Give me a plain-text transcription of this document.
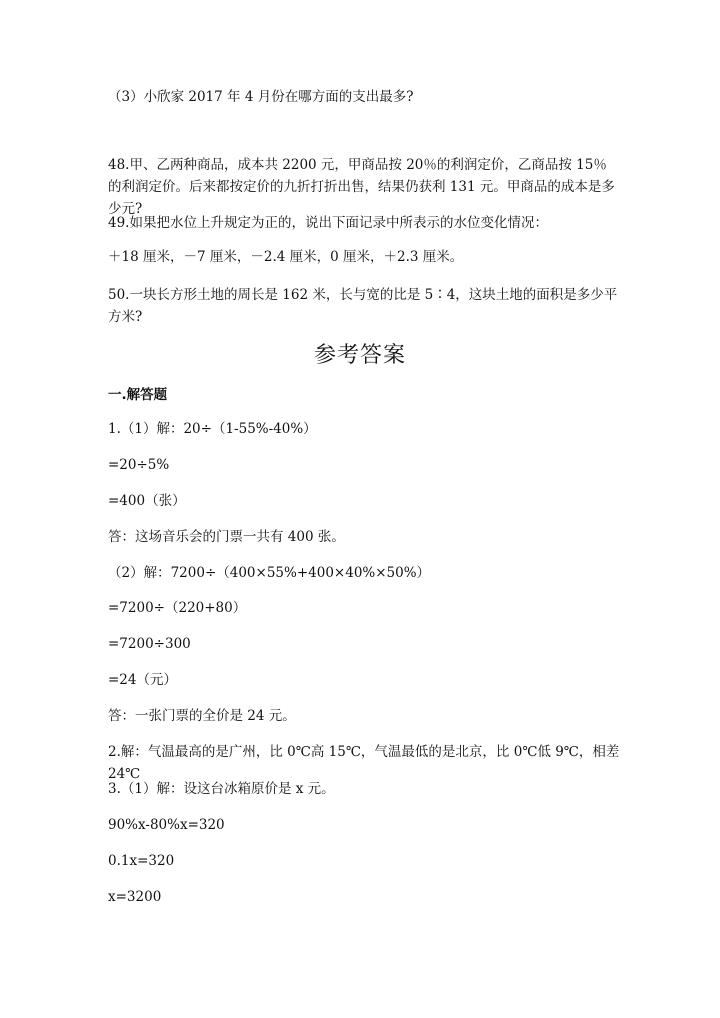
（3）小欣家 2017 年 4 月份在哪方面的支出最多?

48.甲、乙两种商品，成本共 2200 元，甲商品按 20％的利润定价，乙商品按 15％的利润定价。后来都按定价的九折打折出售，结果仍获利 131 元。甲商品的成本是多少元?

49.如果把水位上升规定为正的，说出下面记录中所表示的水位变化情况：

＋18 厘米，－7 厘米，－2.4 厘米，0 厘米，＋2.3 厘米。

50.一块长方形土地的周长是 162 米，长与宽的比是 5∶4，这块土地的面积是多少平方米?

参考答案

一.解答题

1.（1）解：20÷（1-55%-40%）

=20÷5%

=400（张）

答：这场音乐会的门票一共有 400 张。

（2）解：7200÷（400×55%+400×40%×50%）

=7200÷（220+80）

=7200÷300

=24（元）

答：一张门票的全价是 24 元。

2.解：气温最高的是广州，比 0℃高 15℃，气温最低的是北京，比 0℃低 9℃，相差 24℃

3.（1）解：设这台冰箱原价是 x 元。

90%x-80%x=320

0.1x=320

x=3200
